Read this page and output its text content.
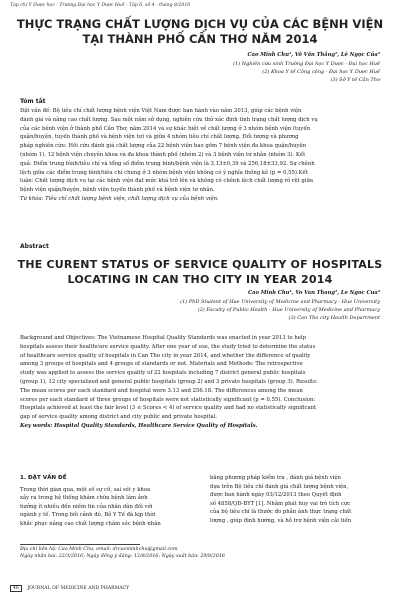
Tạp chí Y Dược học - Trường Đại học Y Dược Huế - Tập 6, số 4 - tháng 8/2016
THỰC TRẠNG CHẤT LƯỢNG DỊCH VỤ CỦA CÁC BỆNH VIỆN
TẠI THÀNH PHỐ CẦN THƠ NĂM 2014
Cao Minh Chu¹, Võ Văn Thắng², Lê Ngọc Của³
(1) Nghiên cứu sinh Trường Đại học Y Dược - Đại học Huế
(2) Khoa Y tế Công cộng - Đại học Y Dược Huế
(3) Sở Y tế Cần Thơ
Tóm tắt
Đặt vấn đề: Bộ tiêu chí chất lượng bệnh viện Việt Nam được ban hành vào năm 2013, giúp các bệnh viện
đánh giá và nâng cao chất lượng. Sau một năm sử dụng, nghiên cứu thử xác định tình trạng chất lượng dịch vụ
của các bệnh viện ở thành phố Cần Thơ, năm 2014 và sự khác biệt về chất lượng ở 3 nhóm bệnh viện (tuyến
quận/huyện, tuyến thành phố và bệnh viện tư) và giữa 4 nhóm tiêu chí chất lượng. Đối tượng và phương
pháp nghiên cứu: Hồi cứu đánh giá chất lượng của 22 bệnh viện bao gồm 7 bệnh viện đa khoa quận/huyện
(nhóm 1), 12 bệnh viện chuyên khoa và đa khoa thành phố (nhóm 2) và 3 bệnh viện tư nhân (nhóm 3). Kết
quả: Điểm trung bình/tiêu chí và tổng số điểm trung bình/bệnh viện là 3,13±0,39 và 256,18±33,92. Sự chênh
lệch giữa các điểm trung bình/tiêu chí chung ở 3 nhóm bệnh viện không có ý nghĩa thống kê (p = 0,55).Kết
luận: Chất lượng dịch vụ tại các bệnh viện đạt mức khá trở lên và không có chênh lệch chất lượng rõ rệt giữa
bệnh viện quận/huyện, bệnh viện tuyến thành phố và bệnh viện tư nhân.
Từ khóa: Tiêu chí chất lượng bệnh viện, chất lượng dịch vụ của bệnh viện.
Abstract
THE CURENT STATUS OF SERVICE QUALITY OF HOSPITALS
LOCATING IN CAN THO CITY IN YEAR 2014
Cao Minh Chu¹, Vo Van Thang², Le Ngoc Cua³
(1) PhD Student of Hue University of Medicine and Pharmacy - Hue University
(2) Faculty of Public Health - Hue University of Medicine and Pharmacy
(3) Can Tho city Health Department
Background and Objectives: The Vietnamese Hospital Quality Standards was enacted in year 2013 to help
hospitals assess their healthcare service quality. After one year of use, the study tried to determine the status
of healthcare service quality of hospitals in Can Tho city in year 2014, and whether the difference of quality
among 3 groups of hospitals and 4 groups of standards or not. Materials and Methods: The retrospective
study was applied to assess the service quality of 22 hospitals including 7 district general public hospitals
(group 1), 12 city specialized and general public hospitals (group 2) and 3 private hospitals (group 3). Results:
The mean scores per each standard and hospital were 3.13 and 256.18. The differences among the mean
scores per each standard of three groups of hospitals were not statistically significant (p = 0.55). Conclusion:
Hospitals achieved at least the fair level (3 ≤ Scores < 4) of service quality and had no statistically significant
gap of service quality among district and city public and private hospital.
Key words: Hospital Quality Standards, Healthcare Service Quality of Hospitals.
1. ĐẶT VẤN ĐỀ
Trong thời gian qua, một số sự cố, sai sót y khoa
xảy ra trong hệ thống khám chữa bệnh làm ảnh
hưởng ít nhiều đến niềm tin của nhân dân đối với
ngành y tế. Trong bối cảnh đó, Bộ Y Tế đã kịp thời
khắc phục nâng cao chất lượng chăm sóc bệnh nhân
bằng phương pháp kiểm tra , đánh giá bệnh viện
dựa trên Bộ tiêu chí đánh giá chất lượng bệnh viện,
được ban hành ngày 03/12/2013 theo Quyết định
số 4858/QĐ-BYT [1]. Nhằm phát huy vai trò tích cực
của bộ tiêu chí là thước đo phản ánh thực trạng chất
lượng , giúp định hướng, và hỗ trợ bệnh viện cải tiến
Địa chỉ liên hệ: Cao Minh Chu, email: drcaominhchu@gmail.com
Ngày nhận bài: 22/3/2016; Ngày đồng ý đăng: 12/8/2016; Ngày xuất bản: 29/8/2016
46 JOURNAL OF MEDICINE AND PHARMACY
